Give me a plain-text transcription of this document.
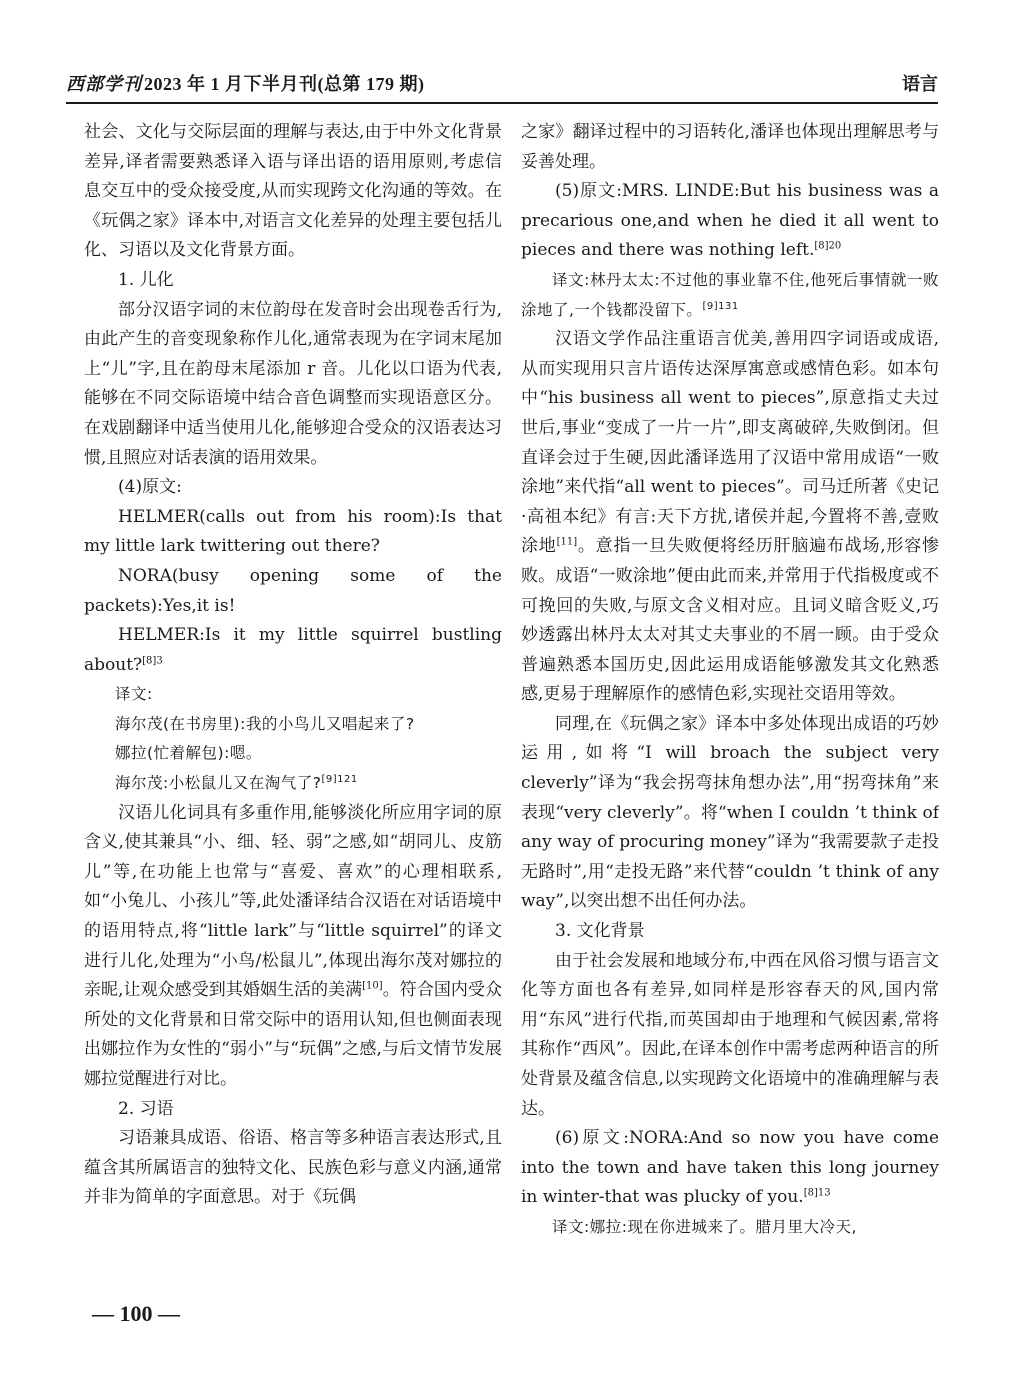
西部学刊 2023 年 1 月下半月刊(总第 179 期)	语言

社会、文化与交际层面的理解与表达,由于中外文化背景差异,译者需要熟悉译入语与译出语的语用原则,考虑信息交互中的受众接受度,从而实现跨文化沟通的等效。在《玩偶之家》译本中,对语言文化差异的处理主要包括儿化、习语以及文化背景方面。

1. 儿化

部分汉语字词的末位韵母在发音时会出现卷舌行为,由此产生的音变现象称作儿化,通常表现为在字词末尾加上“儿”字,且在韵母末尾添加 r 音。儿化以口语为代表,能够在不同交际语境中结合音色调整而实现语意区分。在戏剧翻译中适当使用儿化,能够迎合受众的汉语表达习惯,且照应对话表演的语用效果。

(4)原文:

HELMER(calls out from his room):Is that my little lark twittering out there?

NORA(busy opening some of the packets):Yes,it is!

HELMER:Is it my little squirrel bustling about?$^{[8]3}$

译文:

海尔茂(在书房里):我的小鸟儿又唱起来了?

娜拉(忙着解包):嗯。

海尔茂:小松鼠儿又在淘气了?$^{[9]121}$

汉语儿化词具有多重作用,能够淡化所应用字词的原含义,使其兼具“小、细、轻、弱”之感,如“胡同儿、皮筋儿”等,在功能上也常与“喜爱、喜欢”的心理相联系,如“小兔儿、小孩儿”等,此处潘译结合汉语在对话语境中的语用特点,将“little lark”与“little squirrel”的译文进行儿化,处理为“小鸟/松鼠儿”,体现出海尔茂对娜拉的亲昵,让观众感受到其婚姻生活的美满[10]。符合国内受众所处的文化背景和日常交际中的语用认知,但也侧面表现出娜拉作为女性的“弱小”与“玩偶”之感,与后文情节发展娜拉觉醒进行对比。

2. 习语

习语兼具成语、俗语、格言等多种语言表达形式,且蕴含其所属语言的独特文化、民族色彩与意义内涵,通常并非为简单的字面意思。对于《玩偶

之家》翻译过程中的习语转化,潘译也体现出理解思考与妥善处理。

(5)原文:MRS. LINDE:But his business was a precarious one,and when he died it all went to pieces and there was nothing left.$^{[8]20}$

译文:林丹太太:不过他的事业靠不住,他死后事情就一败涂地了,一个钱都没留下。$^{[9]131}$

汉语文学作品注重语言优美,善用四字词语或成语,从而实现用只言片语传达深厚寓意或感情色彩。如本句中“his business all went to pieces”,原意指丈夫过世后,事业“变成了一片一片”,即支离破碎,失败倒闭。但直译会过于生硬,因此潘译选用了汉语中常用成语“一败涂地”来代指“all went to pieces”。司马迁所著《史记·高祖本纪》有言:天下方扰,诸侯并起,今置将不善,壹败涂地[11]。意指一旦失败便将经历肝脑遍布战场,形容惨败。成语“一败涂地”便由此而来,并常用于代指极度或不可挽回的失败,与原文含义相对应。且词义暗含贬义,巧妙透露出林丹太太对其丈夫事业的不屑一顾。由于受众普遍熟悉本国历史,因此运用成语能够激发其文化熟悉感,更易于理解原作的感情色彩,实现社交语用等效。

同理,在《玩偶之家》译本中多处体现出成语的巧妙运用,如将“I will broach the subject very cleverly”译为“我会拐弯抹角想办法”,用“拐弯抹角”来表现“very cleverly”。将“when I couldn ’t think of any way of procuring money”译为“我需要款子走投无路时”,用“走投无路”来代替“couldn ’t think of any way”,以突出想不出任何办法。

3. 文化背景

由于社会发展和地域分布,中西在风俗习惯与语言文化等方面也各有差异,如同样是形容春天的风,国内常用“东风”进行代指,而英国却由于地理和气候因素,常将其称作“西风”。因此,在译本创作中需考虑两种语言的所处背景及蕴含信息,以实现跨文化语境中的准确理解与表达。

(6)原文:NORA:And so now you have come into the town and have taken this long journey in winter-that was plucky of you.$^{[8]13}$

译文:娜拉:现在你进城来了。腊月里大冷天,

— 100 —
